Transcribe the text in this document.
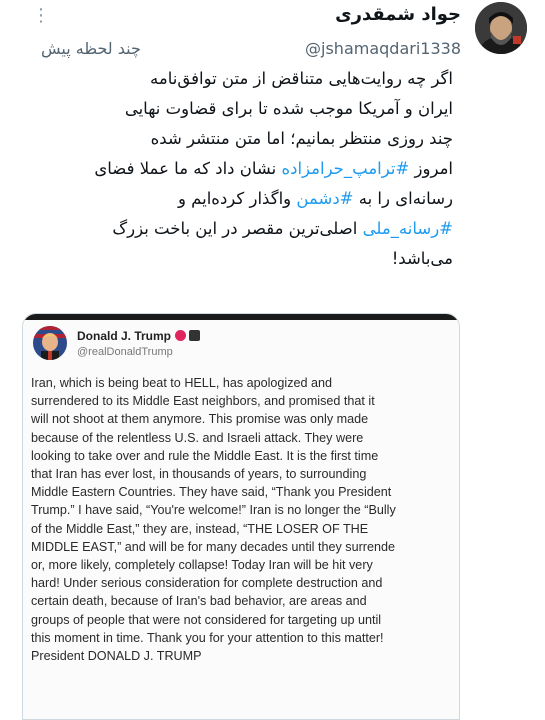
⋮	جواد شمقدری
چند لحظه پیش	@jshamaqdari1338
اگر چه روایت‌هایی متناقض از متن توافق‌نامه
ایران و آمریکا موجب شده تا برای قضاوت نهایی
چند روزی منتظر بمانیم؛ اما متن منتشر شده
امروز #ترامپ_حرامزاده نشان داد که ما عملا فضای
رسانه‌ای را به #دشمن واگذار کرده‌ایم و
#رسانه_ملی اصلی‌ترین مقصر در این باخت بزرگ
می‌باشد!
Donald J. Trump
@realDonaldTrump
Iran, which is being beat to HELL, has apologized and
surrendered to its Middle East neighbors, and promised that it
will not shoot at them anymore. This promise was only made
because of the relentless U.S. and Israeli attack. They were
looking to take over and rule the Middle East. It is the first time
that Iran has ever lost, in thousands of years, to surrounding
Middle Eastern Countries. They have said, “Thank you President
Trump.” I have said, “You're welcome!” Iran is no longer the “Bully
of the Middle East,” they are, instead, “THE LOSER OF THE
MIDDLE EAST,” and will be for many decades until they surrende
or, more likely, completely collapse! Today Iran will be hit very
hard! Under serious consideration for complete destruction and
certain death, because of Iran's bad behavior, are areas and
groups of people that were not considered for targeting up until
this moment in time. Thank you for your attention to this matter!
President DONALD J. TRUMP
